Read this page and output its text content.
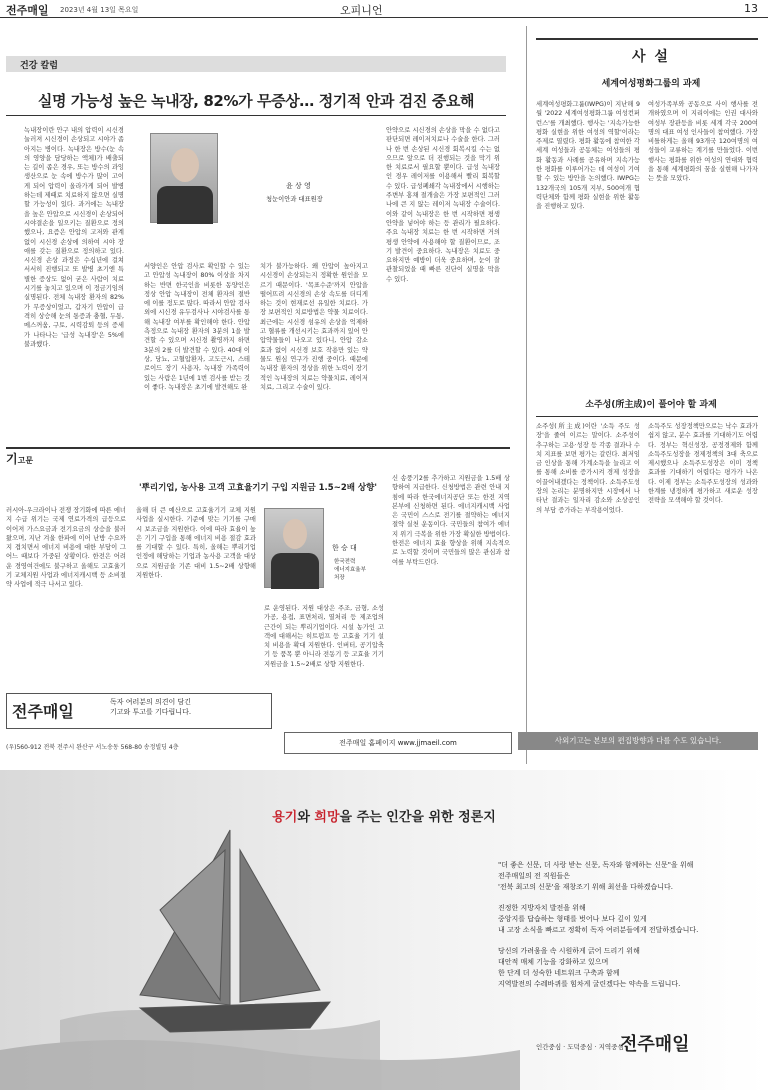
전주매일 2023년 4월 13일 목요일	오피니언	13
건강 칼럼
실명 가능성 높은 녹내장, 82%가 무증상… 정기적 안과 검진 중요해
녹내장이란 안구 내의 압력이 시신경 눌러져 시신경이 손상되고 시야가 좁아지는 병이다. 녹내장은 방수(눈 속의 영양을 담당하는 액체)가 배출되는 길이 좁은 경우, 또는 방수의 과잉생산으로 눈 속에 방수가 많이 고이게 되어 압력이 올라가게 되어 발병하는데 제때로 치료하지 않으면 실명할 가능성이 있다. 과거에는 녹내장을 높은 안압으로 시신경이 손상되어 시야결손을 일으키는 질환으로 정의했으나, 요즘은 안압의 고저와 관계없이 시신경 손상에 의하여 시야 장애를 갖는 질환으로 정의하고 있다. 시신경 손상 과정은 수십년에 걸쳐 서서히 진행되고 또 발병 초기엔 특별한 증상도 없어 굳은 사람이 치료시기를 놓치고 있으며 이 정금기임의 실명된다. 전체 녹내장 환자의 82%가 무증상이었고, 갑자기 안압이 급격히 상승해 눈의 통증과 충혈, 두통, 메스꺼움, 구토, 시력감퇴 등의 증세가 나타나는 '급성 녹내장'은 5%에 불과했다.
윤 상 영
청눈이안과 대표원장
서양인은 안압 검사로 확인할 수 있는 고 안압성 녹내장이 80% 이상을 차지하는 반면 한국인을 비롯한 동양인은 정상 안압 녹내장이 전체 환자의 절반에 이를 정도로 많다. 따라서 안압 검사 외에 시신경 유두검사나 시야검사를 통해 녹내장 여부를 확인해야 한다. 안압 측정으로 녹내장 환자의 3분의 1을 발견할 수 있으며 시신경 촬영까지 하면 3분의 2를 더 발견할 수 있다. 40대 이상, 당뇨, 고혈압환자, 고도근시, 스테로이드 장기 사용자, 녹내장 가족력이 있는 사람은 1년에 1번 검사를 받는 것이 좋다. 녹내장은 초기에 발견해도 완
치가 불가능하다. 왜 안압이 높아지고 시신경이 손상되는지 정확한 원인을 모르기 때문이다. '목표수준'까지 안압을 떨어뜨려 시신경의 손상 속도를 더디게 하는 것이 현재로선 유일한 치료다. 가장 보편적인 치료방법은 약물 치료이다. 최근에는 시신경 섬유의 손상을 억제하고 혈류를 개선시키는 효과까지 있어 안압약물들이 나오고 있다니, 안압 감소 효과 없이 시신경 보호 작용만 있는 약물도 원심 연구가 진행 중이다. 때문에 녹내장 환자의 정상을 위한 노력이 장기적인 녹내장의 치료는 약물치료, 레이저 치료, 그리고 수술이 있다.
안약으로 시신경의 손상을 막을 수 없다고 판단되면 레이저치료나 수술을 한다. 그러나 한 번 손상된 시신경 회복시킬 수는 없으므로 앞으로 더 진행되는 것을 막기 위한 치료로서 필요할 뿐이다. 급성 녹내장인 경우 레이저를 이용해서 빨리 회복할 수 있다. 급성폐쇄각 녹내장에서 시행하는 주변부 홍채 절개술은 가장 보편적인 그러나에 큰 지 않는 레이저 녹내장 수술이다. 이와 같이 녹내장은 한 번 시작하면 평생 안약을 넣어야 하는 등 관리가 필요하다. 주요 녹내장 치료는 한 번 시작하면 거의 평생 안약에 사용해야 할 질환이므로, 조기 발견이 중요하다. 녹내장은 치료도 중요하지만 예방이 더욱 중요하며, 눈이 잘 관찰되었을 때 빠른 진단이 실명을 막을 수 있다.
사 설
세계여성평화그룹의 과제
세계여성평화그룹(IWPG)이 지난해 9월 '2022 세계여성평화그룹 여성컨퍼런스'를 개최했다. 행사는 '지속가능한 평화 실현을 위한 여성의 역할'이라는 주제로 열렸다. 평화 활동에 참여한 각 세계 여성들과 공동체는 여성들의 평화 활동과 사례를 공유하며 지속가능한 평화를 이루어가는 데 여성이 기여할 수 있는 방안을 논의했다. IWPG는 132개국의 105개 지부, 500여개 협력단체와 함께 평화 실현을 위한 활동을 진행하고 있다.
여성가족부와 공동으로 사이 행사를 전개하였으며 이 지리이에는 인권 대사와 여성부 장관등을 비롯 세계 각국 200여명의 대표 여성 인사들이 참여했다. 가장비틀하게는 올해 93개국 120여명의 여성들이 교류하는 계기를 만들었다. 이번 행사는 평화를 위한 여성의 연대와 협력을 통해 세계평화의 꿈을 실현해 나가자는 뜻을 모았다.
소주성(所主成)이 풀어야 할 과제
소주성(所主成)이란 '소득 주도 성장'을 줄여 이르는 말이다. 소주성이 추구하는 고용·성장 등 각종 결과나 수치 지표를 보면 평가는 갈린다. 최저임금 인상을 통해 가계소득을 늘리고 이를 통해 소비를 증가시켜 경제 성장을 이끌어내겠다는 정책이다. 소득주도성장의 논리는 분명하지만 시장에서 나타난 결과는 일자리 감소와 소상공인의 부담 증가라는 부작용이었다.
소득주도 성장정책만으로는 낙수 효과가 쉽지 않고, 분수 효과를 기대하기도 어렵다. 정부는 혁신성장, 공정경제와 함께 소득주도성장을 경제정책의 3대 축으로 제시했으나 소득주도성장은 이미 정책 효과를 기대하기 어렵다는 평가가 나온다. 이제 정부는 소득주도성장의 성과와 한계를 냉정하게 평가하고 새로운 성장 전략을 모색해야 할 것이다.
기고문
'뿌리기업, 농사용 고객 고효율기기 구입 지원금 1.5~2배 상향'
러시아-우크라이나 전쟁 장기화에 따른 에너지 수급 위기는 국제 연료가격의 급등으로 이어져 가스요금과 전기요금의 상승을 불러왔으며, 지난 겨울 한파에 이어 난방 수요까지 겹치면서 에너지 비용에 대한 부담이 그 어느 때보다 가중된 상황이다. 한전은 어려운 경영여건에도 불구하고 올해도 고효율기기 교체지원 사업과 에너지캐시백 등 소비절약 사업에 적극 나서고 있다.
올해 더 큰 예산으로 고효율기기 교체 지원 사업을 실시한다. 기준에 맞는 기기를 구매 시 보조금을 지원한다. 이에 따라 효율이 높은 기기 구입을 통해 에너지 비용 절감 효과를 기대할 수 있다. 특히, 올해는 뿌리기업 인정에 해당하는 기업과 농사용 고객을 대상으로 지원금을 기존 대비 1.5~2배 상향해 지원한다.
한 승 대
한국전력
에너지효율부
처장
로 운영된다. 지원 대상은 주조, 금형, 소성가공, 용접, 표면처리, 열처리 등 제조업의 근간이 되는 뿌리기업이다. 시설 농가인 고객에 대해서는 히트펌프 등 고효율 기기 설치 비용을 확대 지원한다. 인버터, 공기압축기 등 품목 뿐 아니라 전동기 등 고효율 기기 지원금을 1.5~2배로 상향 지원한다.
신 송풍기2를 추가하고 지원금을 1.5배 상향하여 지급한다. 신청방법은 관련 안내 지침에 따라 한국에너지공단 또는 한전 지역본부에 신청하면 된다. 에너지캐시백 사업은 국민이 스스로 전기를 절약하는 에너지 절약 실천 운동이다. 국민들의 참여가 에너지 위기 극복을 위한 가장 확실한 방법이다. 한전은 에너지 효율 향상을 위해 지속적으로 노력할 것이며 국민들의 많은 관심과 참여를 부탁드린다.
전주매일	독자 여러분의 의견이 담긴
기고와 투고를 기다립니다.
(우)560-912 전북 전주시 완산구 서노송동 568-80 송정빌딩 4층
전주매일 홈페이지 www.jjmaeil.com	사외기고는 본보의 편집방향과 다를 수도 있습니다.
용기와 희망을 주는 인간을 위한 정론지
"더 좋은 신문, 더 사랑 받는 신문, 독자와 함께하는 신문"을 위해
전주매일의 전 직원들은
'전북 최고의 신문'을 재창조기 위해 최선을 다하겠습니다.
진정한 지방자치 발전을 위해
중앙지를 답습하는 형태를 벗어나 보다 깊이 있게
내 고장 소식을 빠르고 정확히 독자 여러분들에게 전달하겠습니다.
당신의 가려움을 속 시원하게 긁어 드리기 위해
대안적 매체 기능을 강화하고 있으며
한 단계 더 성숙한 네트워크 구축과 함께
지역발전의 수레바퀴를 힘차게 굴린겠다는 약속을 드립니다.
인간중심 · 도덕중심 · 지역중심
전주매일
